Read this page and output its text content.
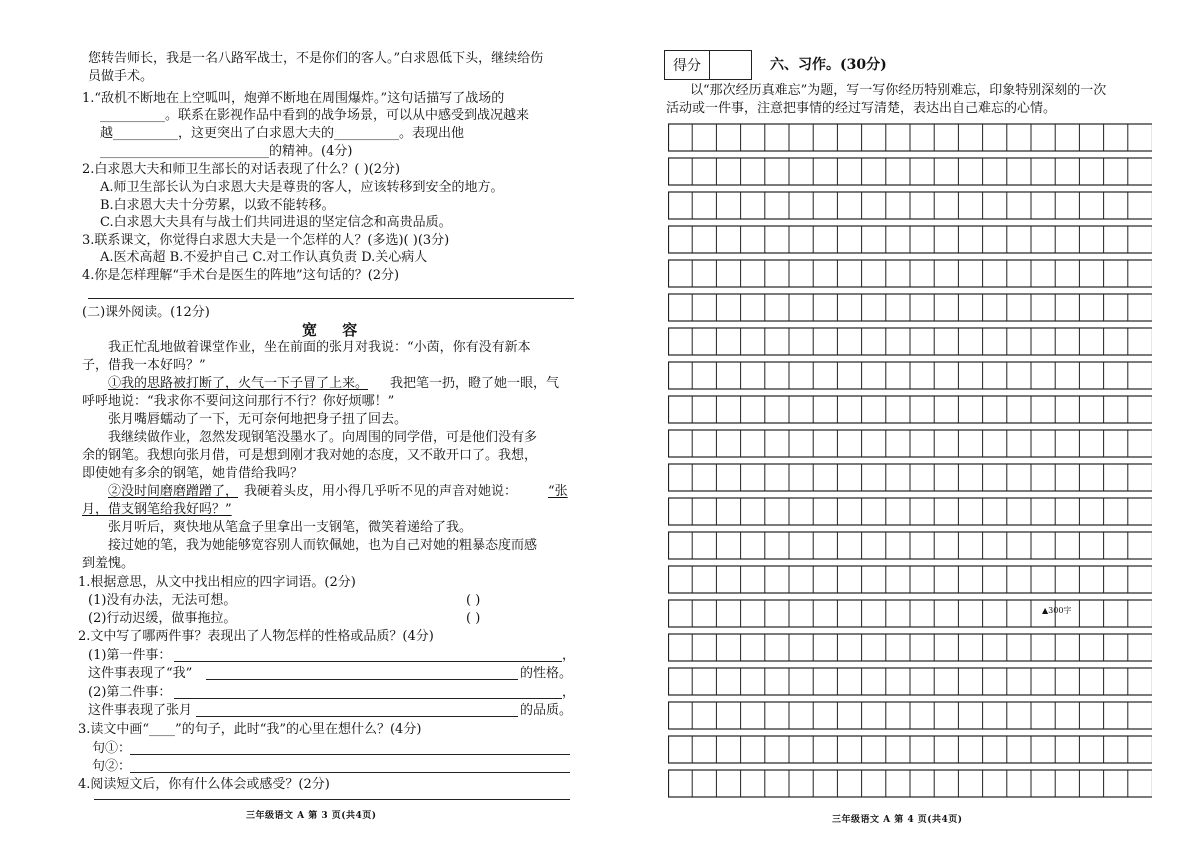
您转告师长，我是一名八路军战士，不是你们的客人。”白求恩低下头，继续给伤
员做手术。
1.“敌机不断地在上空呱叫，炮弹不断地在周围爆炸。”这句话描写了战场的
__________。联系在影视作品中看到的战争场景，可以从中感受到战况越来
越__________，这更突出了白求恩大夫的__________。表现出他
__________________________的精神。(4分)
2.白求恩大夫和师卫生部长的对话表现了什么？( )(2分)
A.师卫生部长认为白求恩大夫是尊贵的客人，应该转移到安全的地方。
B.白求恩大夫十分劳累，以致不能转移。
C.白求恩大夫具有与战士们共同进退的坚定信念和高贵品质。
3.联系课文，你觉得白求恩大夫是一个怎样的人？(多选)( )(3分)
A.医术高超 B.不爱护自己 C.对工作认真负责 D.关心病人
4.你是怎样理解“手术台是医生的阵地”这句话的？(2分)
(二)课外阅读。(12分)
我正忙乱地做着课堂作业，坐在前面的张月对我说：“小茵，你有没有新本
子，借我一本好吗？”
①我的思路被打断了，火气一下子冒了上来。 我把笔一扔，瞪了她一眼，气
呼呼地说：“我求你不要问这问那行不行？你好烦哪！”
张月嘴唇蠕动了一下，无可奈何地把身子扭了回去。
我继续做作业，忽然发现钢笔没墨水了。向周围的同学借，可是他们没有多
余的钢笔。我想向张月借，可是想到刚才我对她的态度，又不敢开口了。我想，
即使她有多余的钢笔，她肯借给我吗？
②没时间磨磨蹭蹭了， 我硬着头皮，用小得几乎听不见的声音对她说： “张
月，借支钢笔给我好吗？”
张月听后，爽快地从笔盒子里拿出一支钢笔，微笑着递给了我。
接过她的笔，我为她能够宽容别人而钦佩她，也为自己对她的粗暴态度而感
到羞愧。
1.根据意思，从文中找出相应的四字词语。(2分)
(1)没有办法，无法可想。	( )
(2)行动迟缓，做事拖拉。	( )
2.文中写了哪两件事？表现出了人物怎样的性格或品质？(4分)
(1)第一件事：	，
这件事表现了“我”	的性格。
(2)第二件事：	，
这件事表现了张月	的品质。
3.读文中画“____”的句子，此时“我”的心里在想什么？(4分)
句①：
句②：
4.阅读短文后，你有什么体会或感受？(2分)
宽 容
三年级语文 A 第 3 页(共4页)
得分	六、习作。(30分)
以“那次经历真难忘”为题，写一写你经历特别难忘，印象特别深刻的一次
活动或一件事，注意把事情的经过写清楚，表达出自己难忘的心情。
三年级语文 A 第 4 页(共4页)
▲300字
